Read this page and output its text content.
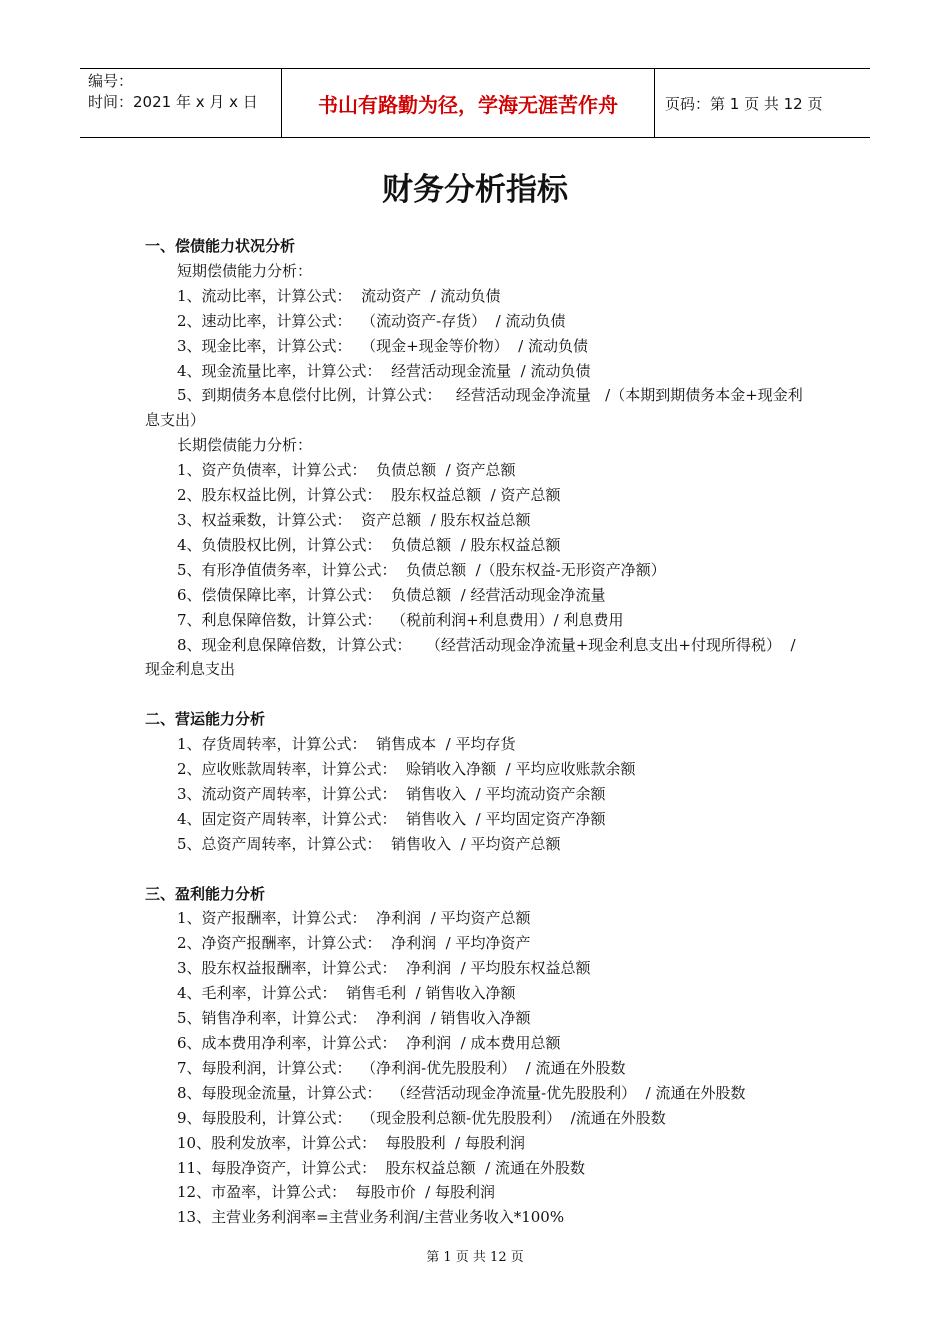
编号：
时间：2021 年 x 月 x 日	书山有路勤为径，学海无涯苦作舟	页码：第 1 页 共 12 页
财务分析指标
一、偿债能力状况分析
短期偿债能力分析：
1、流动比率，计算公式：  流动资产  / 流动负债
2、速动比率，计算公式：  （流动资产-存货）  / 流动负债
3、现金比率，计算公式：  （现金+现金等价物）  / 流动负债
4、现金流量比率，计算公式：  经营活动现金流量  / 流动负债
5、到期债务本息偿付比例，计算公式：   经营活动现金净流量   /（本期到期债务本金+现金利息支出）
长期偿债能力分析：
1、资产负债率，计算公式：  负债总额  / 资产总额
2、股东权益比例，计算公式：  股东权益总额  / 资产总额
3、权益乘数，计算公式：  资产总额  / 股东权益总额
4、负债股权比例，计算公式：  负债总额  / 股东权益总额
5、有形净值债务率，计算公式：  负债总额  /（股东权益-无形资产净额）
6、偿债保障比率，计算公式：  负债总额  / 经营活动现金净流量
7、利息保障倍数，计算公式：  （税前利润+利息费用）/ 利息费用
8、现金利息保障倍数，计算公式：   （经营活动现金净流量+现金利息支出+付现所得税）  / 现金利息支出
二、营运能力分析
1、存货周转率，计算公式：  销售成本  / 平均存货
2、应收账款周转率，计算公式：  赊销收入净额  / 平均应收账款余额
3、流动资产周转率，计算公式：  销售收入  / 平均流动资产余额
4、固定资产周转率，计算公式：  销售收入  / 平均固定资产净额
5、总资产周转率，计算公式：  销售收入  / 平均资产总额
三、盈利能力分析
1、资产报酬率，计算公式：  净利润  / 平均资产总额
2、净资产报酬率，计算公式：  净利润  / 平均净资产
3、股东权益报酬率，计算公式：  净利润  / 平均股东权益总额
4、毛利率，计算公式：  销售毛利  / 销售收入净额
5、销售净利率，计算公式：  净利润  / 销售收入净额
6、成本费用净利率，计算公式：  净利润  / 成本费用总额
7、每股利润，计算公式：  （净利润-优先股股利）  / 流通在外股数
8、每股现金流量，计算公式：  （经营活动现金净流量-优先股股利）  / 流通在外股数
9、每股股利，计算公式：  （现金股利总额-优先股股利）  /流通在外股数
10、股利发放率，计算公式：  每股股利  / 每股利润
11、每股净资产，计算公式：  股东权益总额  / 流通在外股数
12、市盈率，计算公式：  每股市价  / 每股利润
13、主营业务利润率=主营业务利润/主营业务收入*100%
第 1 页 共 12 页
